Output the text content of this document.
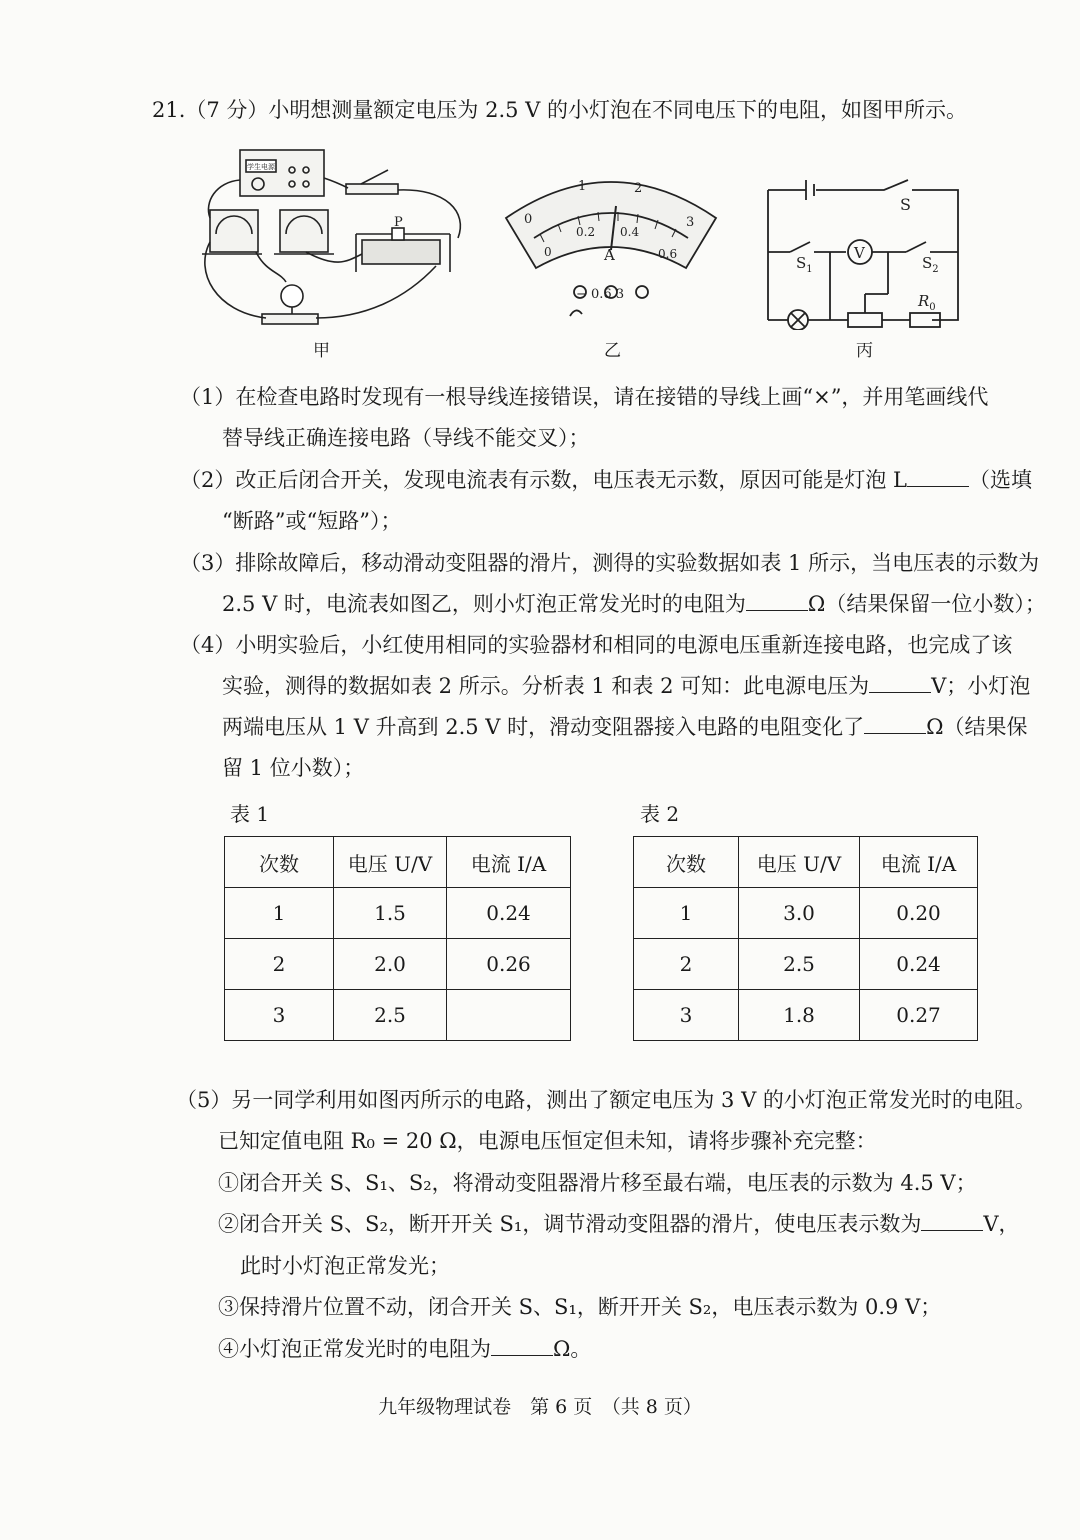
21.（7 分）小明想测量额定电压为 2.5 V 的小灯泡在不同电压下的电阻，如图甲所示。
P
学生电源
甲
0
1	2
3
0
0.2 0.4
0.6
A
− 0.6 3
乙
S
$S_1$	$S_2$
V
$R_0$
丙
（1）在检查电路时发现有一根导线连接错误，请在接错的导线上画“×”，并用笔画线代
替导线正确连接电路（导线不能交叉）；
（2）改正后闭合开关，发现电流表有示数，电压表无示数，原因可能是灯泡 L	（选填
“断路”或“短路”）；
（3）排除故障后，移动滑动变阻器的滑片，测得的实验数据如表 1 所示，当电压表的示数为
2.5 V 时，电流表如图乙，则小灯泡正常发光时的电阻为	Ω（结果保留一位小数）；
（4）小明实验后，小红使用相同的实验器材和相同的电源电压重新连接电路，也完成了该
实验，测得的数据如表 2 所示。分析表 1 和表 2 可知：此电源电压为	V；小灯泡
两端电压从 1 V 升高到 2.5 V 时，滑动变阻器接入电路的电阻变化了	Ω（结果保
留 1 位小数）；
表 1
次数	电压 U/V	电流 I/A
1	1.5	0.24
2	2.0	0.26
3	2.5	
表 2
次数	电压 U/V	电流 I/A
1	3.0	0.20
2	2.5	0.24
3	1.8	0.27
（5）另一同学利用如图丙所示的电路，测出了额定电压为 3 V 的小灯泡正常发光时的电阻。
已知定值电阻 R₀ = 20 Ω，电源电压恒定但未知，请将步骤补充完整：
①闭合开关 S、S₁、S₂，将滑动变阻器滑片移至最右端，电压表的示数为 4.5 V；
②闭合开关 S、S₂，断开开关 S₁，调节滑动变阻器的滑片，使电压表示数为	V，
此时小灯泡正常发光；
③保持滑片位置不动，闭合开关 S、S₁，断开开关 S₂，电压表示数为 0.9 V；
④小灯泡正常发光时的电阻为	Ω。
九年级物理试卷　第 6 页　（共 8 页）
